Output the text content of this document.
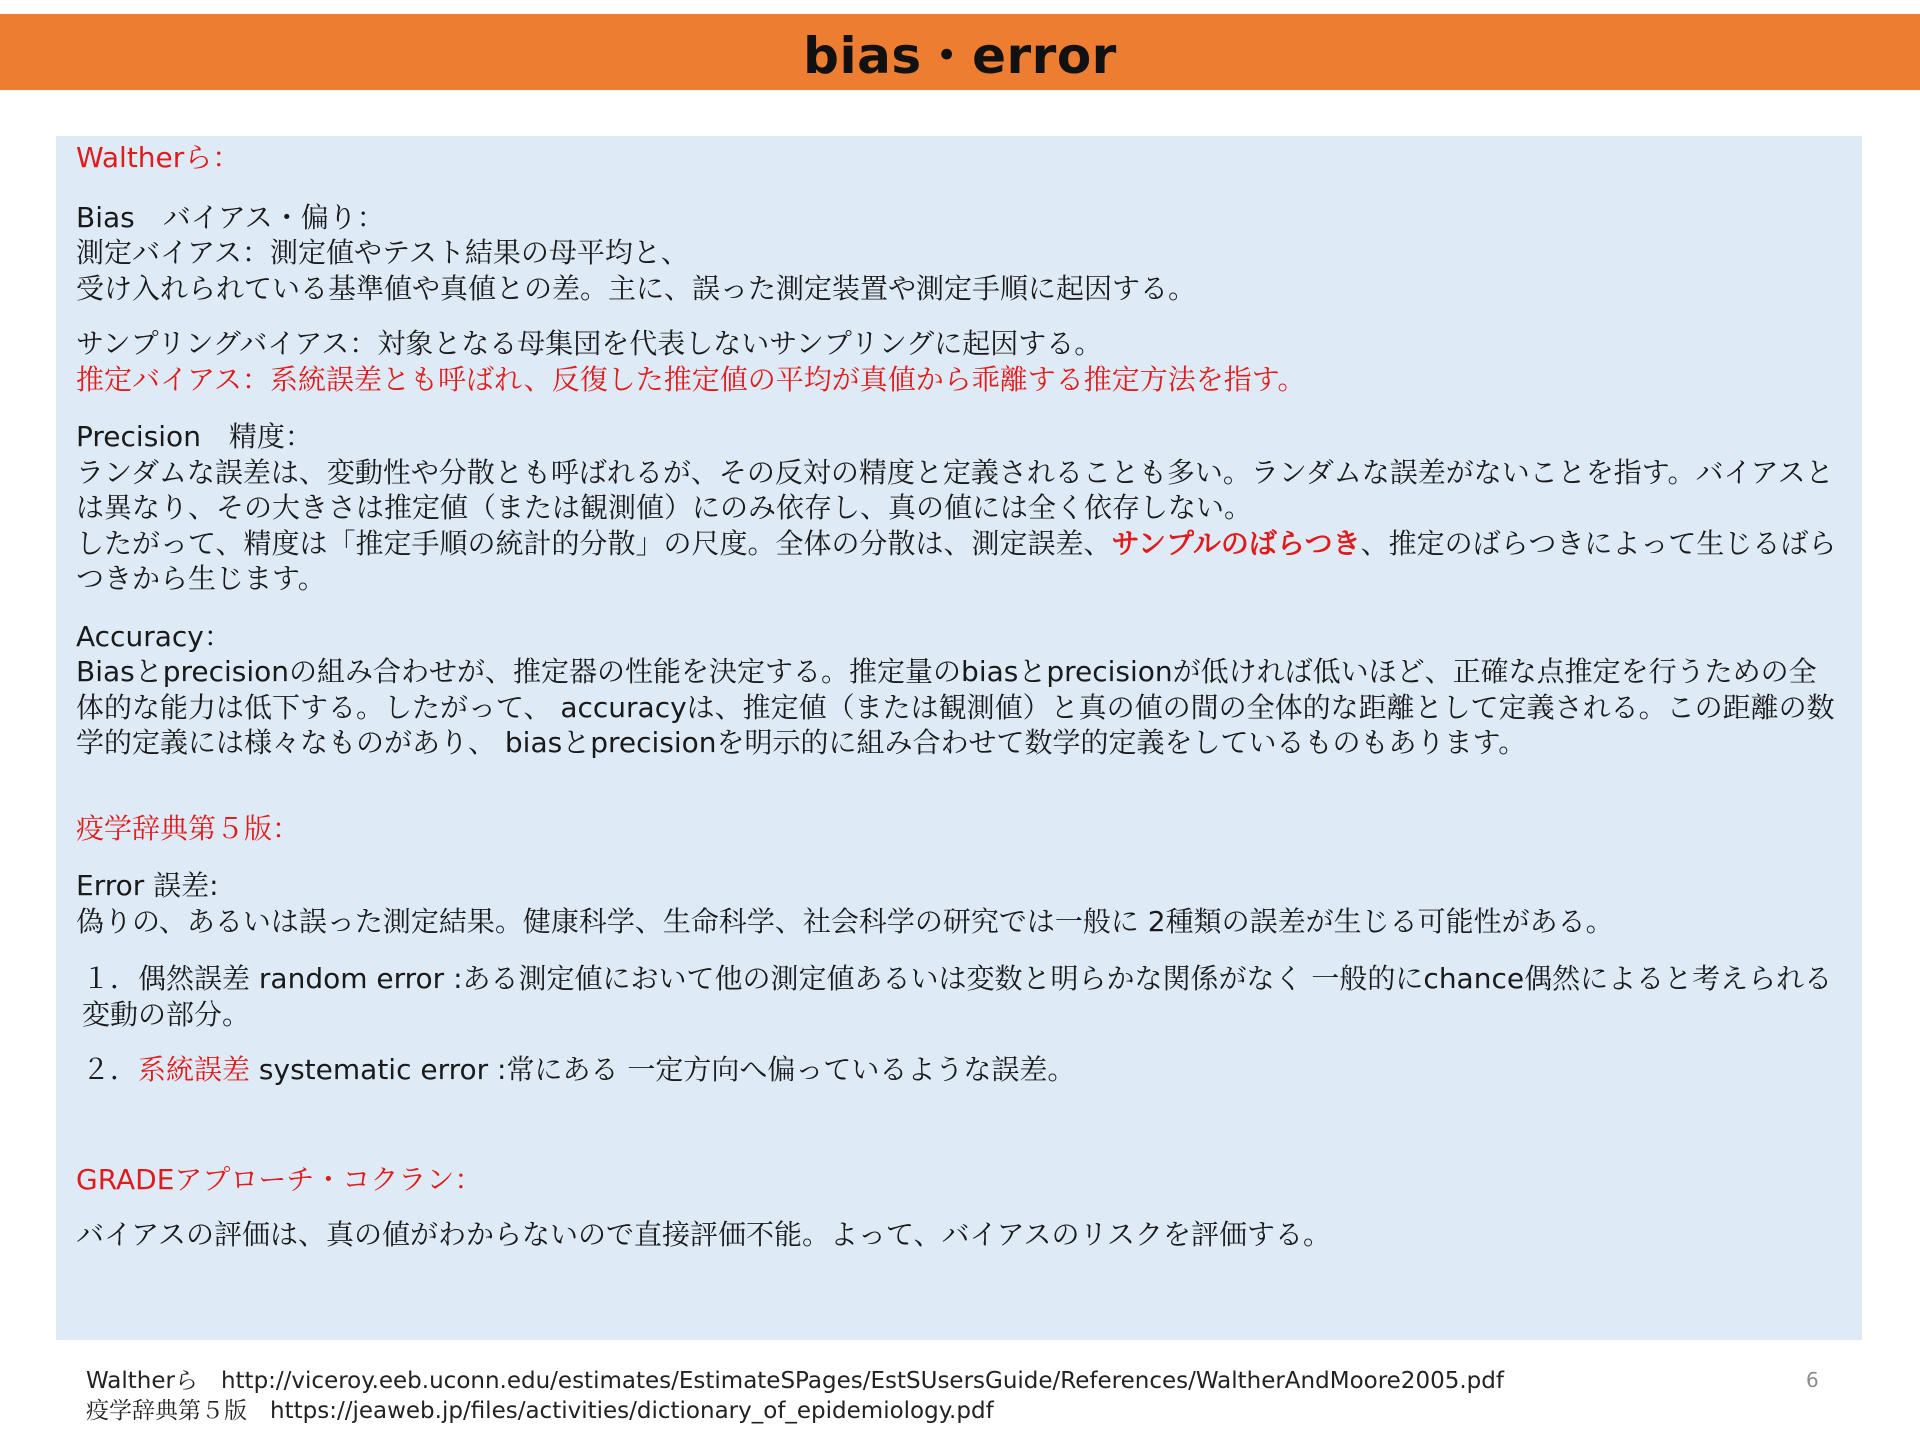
bias・error

Waltherら：

Bias　バイアス・偏り：

測定バイアス：測定値やテスト結果の母平均と、

受け入れられている基準値や真値との差。主に、誤った測定装置や測定手順に起因する。

サンプリングバイアス：対象となる母集団を代表しないサンプリングに起因する。

推定バイアス：系統誤差とも呼ばれ、反復した推定値の平均が真値から乖離する推定方法を指す。

Precision　精度：

ランダムな誤差は、変動性や分散とも呼ばれるが、その反対の精度と定義されることも多い。ランダムな誤差がないことを指す。バイアスとは異なり、その大きさは推定値（または観測値）にのみ依存し、真の値には全く依存しない。

したがって、精度は「推定手順の統計的分散」の尺度。全体の分散は、測定誤差、サンプルのばらつき、推定のばらつきによって生じるばらつきから生じます。

Accuracy：

Biasとprecisionの組み合わせが、推定器の性能を決定する。推定量のbiasとprecisionが低ければ低いほど、正確な点推定を行うための全体的な能力は低下する。したがって、 accuracyは、推定値（または観測値）と真の値の間の全体的な距離として定義される。この距離の数学的定義には様々なものがあり、 biasとprecisionを明示的に組み合わせて数学的定義をしているものもあります。

疫学辞典第５版：

Error 誤差:

偽りの、あるいは誤った測定結果。健康科学、生命科学、社会科学の研究では一般に 2種類の誤差が生じる可能性がある。

１．偶然誤差 random error :ある測定値において他の測定値あるいは変数と明らかな関係がなく 一般的にchance偶然によると考えられる変動の部分。

２．系統誤差 systematic error :常にある 一定方向へ偏っているような誤差。

GRADEアプローチ・コクラン：

バイアスの評価は、真の値がわからないので直接評価不能。よって、バイアスのリスクを評価する。

Waltherら　http://viceroy.eeb.uconn.edu/estimates/EstimateSPages/EstSUsersGuide/References/WaltherAndMoore2005.pdf
疫学辞典第５版　https://jeaweb.jp/files/activities/dictionary_of_epidemiology.pdf
6
